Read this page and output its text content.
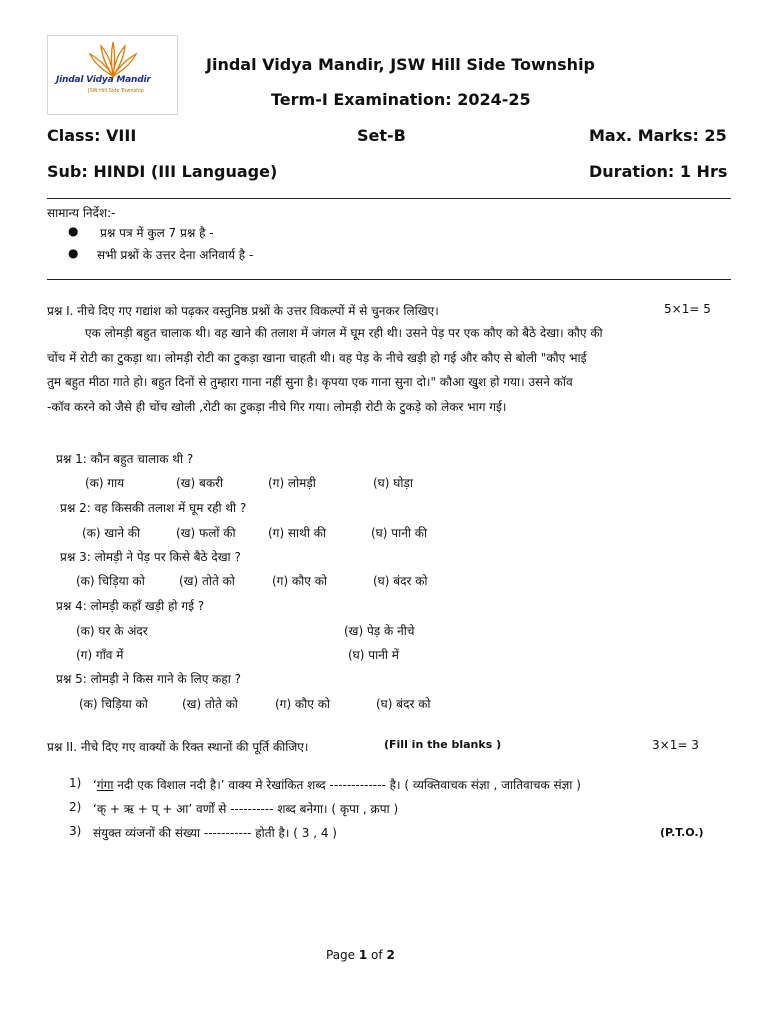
Jindal Vidya Mandir
JSW Hill Side Township
Jindal Vidya Mandir, JSW Hill Side Township
Term-I Examination: 2024-25
Class: VIII	Set-B	Max. Marks: 25
Sub: HINDI (III Language)	Duration: 1 Hrs
सामान्य निर्देश:-
● प्रश्न पत्र में कुल 7 प्रश्न है -
● सभी प्रश्नों के उत्तर देना अनिवार्य है -
प्रश्न I. नीचे दिए गए गद्यांश को पढ़कर वस्तुनिष्ठ प्रश्नों के उत्तर विकल्पों में से चुनकर लिखिए।	5×1= 5
एक लोमड़ी बहुत चालाक थी। वह खाने की तलाश में जंगल में घूम रही थी। उसने पेड़ पर एक कौए को बैठे देखा। कौए की
चोंच में रोटी का टुकड़ा था। लोमड़ी रोटी का टुकड़ा खाना चाहती थी। वह पेड़ के नीचे खड़ी हो गई और कौए से बोली "कौए भाई
तुम बहुत मीठा गाते हो। बहुत दिनों से तुम्हारा गाना नहीं सुना है। कृपया एक गाना सुना दो।" कौआ खुश हो गया। उसने कॉव
-कॉव करने को जैसे ही चोंच खोली ,रोटी का टुकड़ा नीचे गिर गया। लोमड़ी रोटी के टुकड़े को लेकर भाग गई।
प्रश्न 1: कौन बहुत चालाक थी ?
(क) गाय	(ख) बकरी	(ग) लोमड़ी	(घ) घोड़ा
प्रश्न 2: वह किसकी तलाश में घूम रही थी ?
(क) खाने की	(ख) फलों की	(ग) साथी की	(घ) पानी की
प्रश्न 3: लोमड़ी ने पेड़ पर किसे बैठे देखा ?
(क) चिड़िया को	(ख) तोते को	(ग) कौए को	(घ) बंदर को
प्रश्न 4: लोमड़ी कहाँ खड़ी हो गई ?
(क) घर के अंदर	(ख) पेड़ के नीचे
(ग) गाँव में	(घ) पानी में
प्रश्न 5: लोमड़ी ने किस गाने के लिए कहा ?
(क) चिड़िया को	(ख) तोते को	(ग) कौए को	(घ) बंदर को
प्रश्न II. नीचे दिए गए वाक्यों के रिक्त स्थानों की पूर्ति कीजिए।	(Fill in the blanks )	3×1= 3
1) ‘गंगा नदी एक विशाल नदी है।’ वाक्य मे रेखांकित शब्द ------------- है। ( व्यक्तिवाचक संज्ञा , जातिवाचक संज्ञा )
2) ‘क् + ऋ + प् + आ’ वर्णों से ---------- शब्द बनेगा। ( कृपा , क्रपा )
3) संयुक्त व्यंजनों की संख्या ----------- होती है। ( 3 , 4 )	(P.T.O.)
Page 1 of 2
